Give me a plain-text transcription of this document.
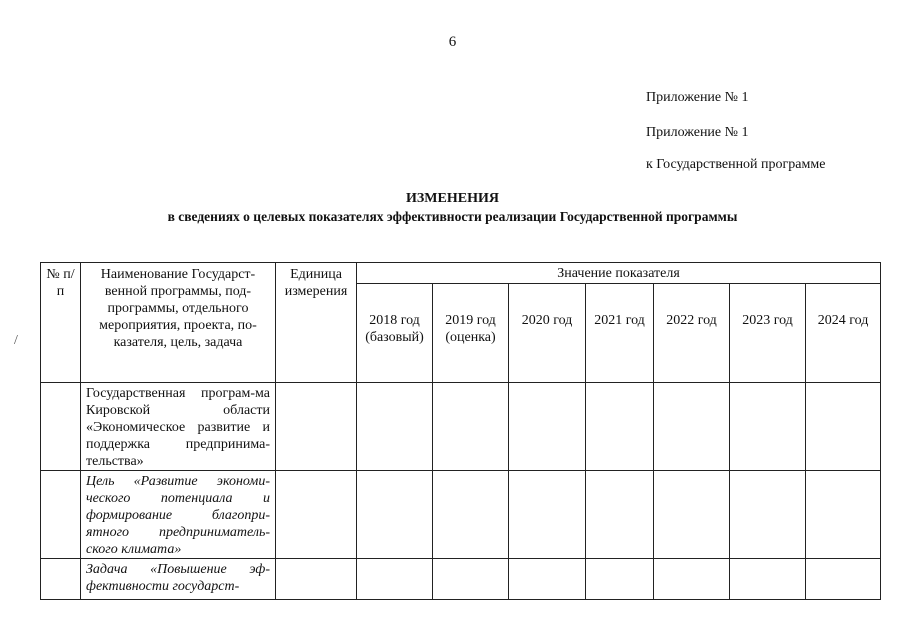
6
Приложение № 1
Приложение № 1
к Государственной программе
ИЗМЕНЕНИЯ
в сведениях о целевых показателях эффективности реализации Государственной программы
/
№ п/п	Наименование Государст-венной программы, под-программы, отдельного мероприятия, проекта, по-казателя, цель, задача	Единица измерения	Значение показателя						
			2018 год (базовый)	2019 год (оценка)	2020 год	2021 год	2022 год	2023 год	2024 год
	Государственная програм-ма Кировской области «Экономическое развитие и поддержка предпринима-тельства»								
	Цель «Развитие экономи-ческого потенциала и формирование благопри-ятного предприниматель-ского климата»								
	Задача «Повышение эф-фективности государст-								
